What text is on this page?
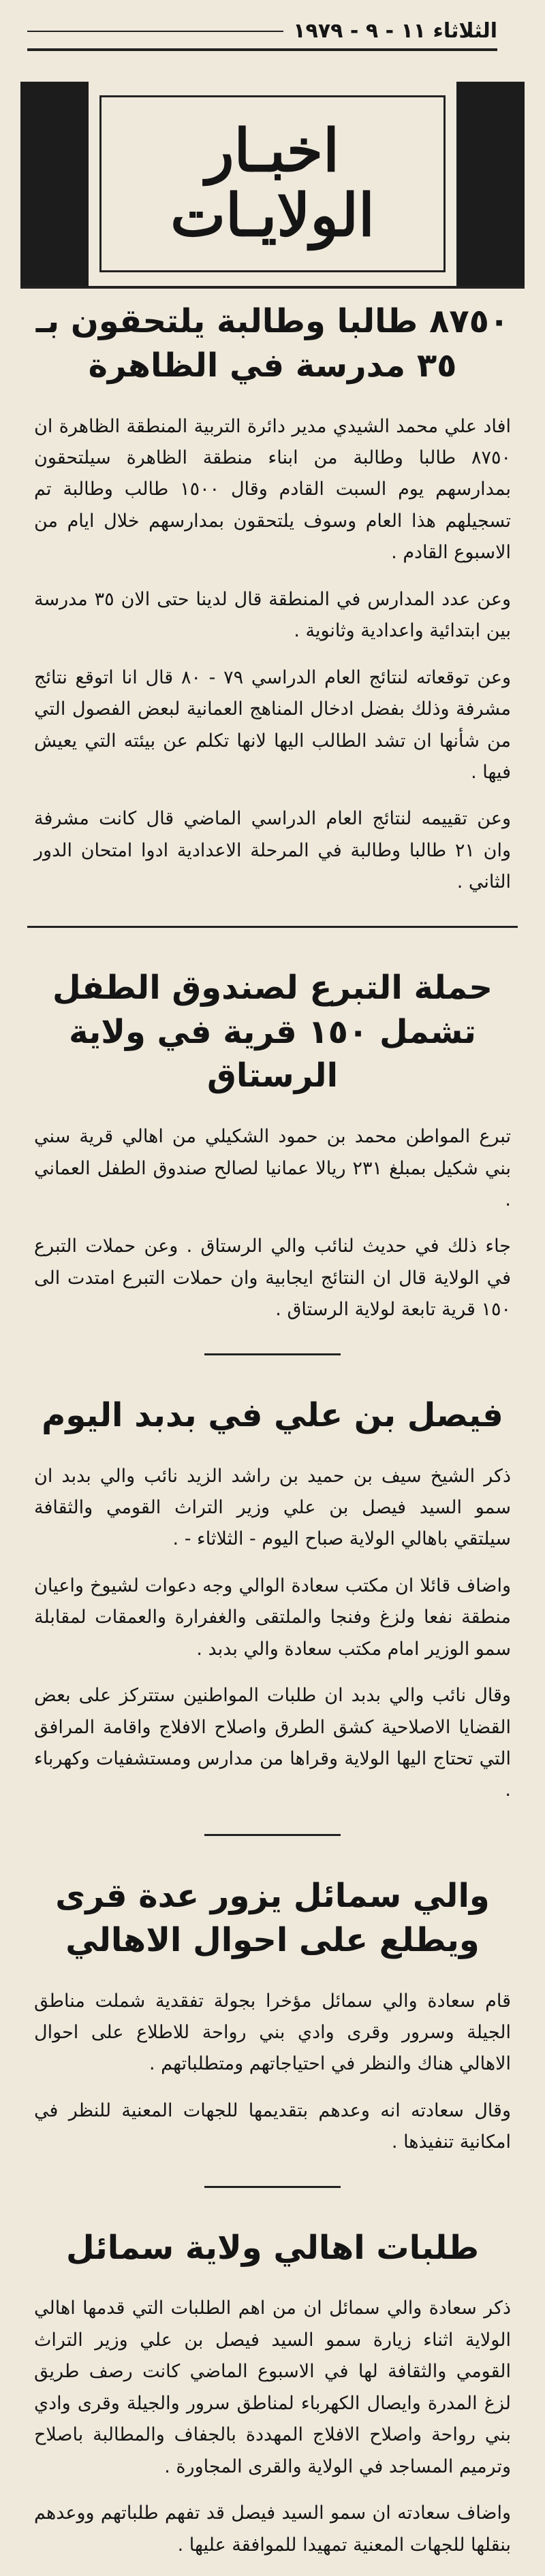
الثلاثاء ١١ - ٩ - ١٩٧٩
اخبـار
الولايـات
٨٧٥٠ طالبا وطالبة يلتحقون بـ ٣٥ مدرسة في الظاهرة

افاد علي محمد الشيدي مدير دائرة التربية المنطقة الظاهرة ان ٨٧٥٠ طالبا وطالبة من ابناء منطقة الظاهرة سيلتحقون بمدارسهم يوم السبت القادم وقال ١٥٠٠ طالب وطالبة تم تسجيلهم هذا العام وسوف يلتحقون بمدارسهم خلال ايام من الاسبوع القادم .

وعن عدد المدارس في المنطقة قال لدينا حتى الان ٣٥ مدرسة بين ابتدائية واعدادية وثانوية .

وعن توقعاته لنتائج العام الدراسي ٧٩ - ٨٠ قال انا اتوقع نتائج مشرفة وذلك بفضل ادخال المناهج العمانية لبعض الفصول التي من شأنها ان تشد الطالب اليها لانها تكلم عن بيئته التي يعيش فيها .

وعن تقييمه لنتائج العام الدراسي الماضي قال كانت مشرفة وان ٢١ طالبا وطالبة في المرحلة الاعدادية ادوا امتحان الدور الثاني .

حملة التبرع لصندوق الطفل تشمل ١٥٠ قرية في ولاية الرستاق

تبرع المواطن محمد بن حمود الشكيلي من اهالي قرية سني بني شكيل بمبلغ ٢٣١ ريالا عمانيا لصالح صندوق الطفل العماني .

جاء ذلك في حديث لنائب والي الرستاق . وعن حملات التبرع في الولاية قال ان النتائج ايجابية وان حملات التبرع امتدت الى ١٥٠ قرية تابعة لولاية الرستاق .

فيصل بن علي في بدبد اليوم

ذكر الشيخ سيف بن حميد بن راشد الزيد نائب والي بدبد ان سمو السيد فيصل بن علي وزير التراث القومي والثقافة سيلتقي باهالي الولاية صباح اليوم - الثلاثاء - .

واضاف قائلا ان مكتب سعادة الوالي وجه دعوات لشيوخ واعيان منطقة نفعا ولزغ وفنجا والملتقى والغفرارة والعمقات لمقابلة سمو الوزير امام مكتب سعادة والي بدبد .

وقال نائب والي بدبد ان طلبات المواطنين ستتركز على بعض القضايا الاصلاحية كشق الطرق واصلاح الافلاج واقامة المرافق التي تحتاج اليها الولاية وقراها من مدارس ومستشفيات وكهرباء .

والي سمائل يزور عدة قرى ويطلع على احوال الاهالي

قام سعادة والي سمائل مؤخرا بجولة تفقدية شملت مناطق الجيلة وسرور وقرى وادي بني رواحة للاطلاع على احوال الاهالي هناك والنظر في احتياجاتهم ومتطلباتهم .

وقال سعادته انه وعدهم بتقديمها للجهات المعنية للنظر في امكانية تنفيذها .

طلبات اهالي ولاية سمائل

ذكر سعادة والي سمائل ان من اهم الطلبات التي قدمها اهالي الولاية اثناء زيارة سمو السيد فيصل بن علي وزير التراث القومي والثقافة لها في الاسبوع الماضي كانت رصف طريق لزغ المدرة وايصال الكهرباء لمناطق سرور والجيلة وقرى وادي بني رواحة واصلاح الافلاج المهددة بالجفاف والمطالبة باصلاح وترميم المساجد في الولاية والقرى المجاورة .

واضاف سعادته ان سمو السيد فيصل قد تفهم طلباتهم ووعدهم بنقلها للجهات المعنية تمهيدا للموافقة عليها .
